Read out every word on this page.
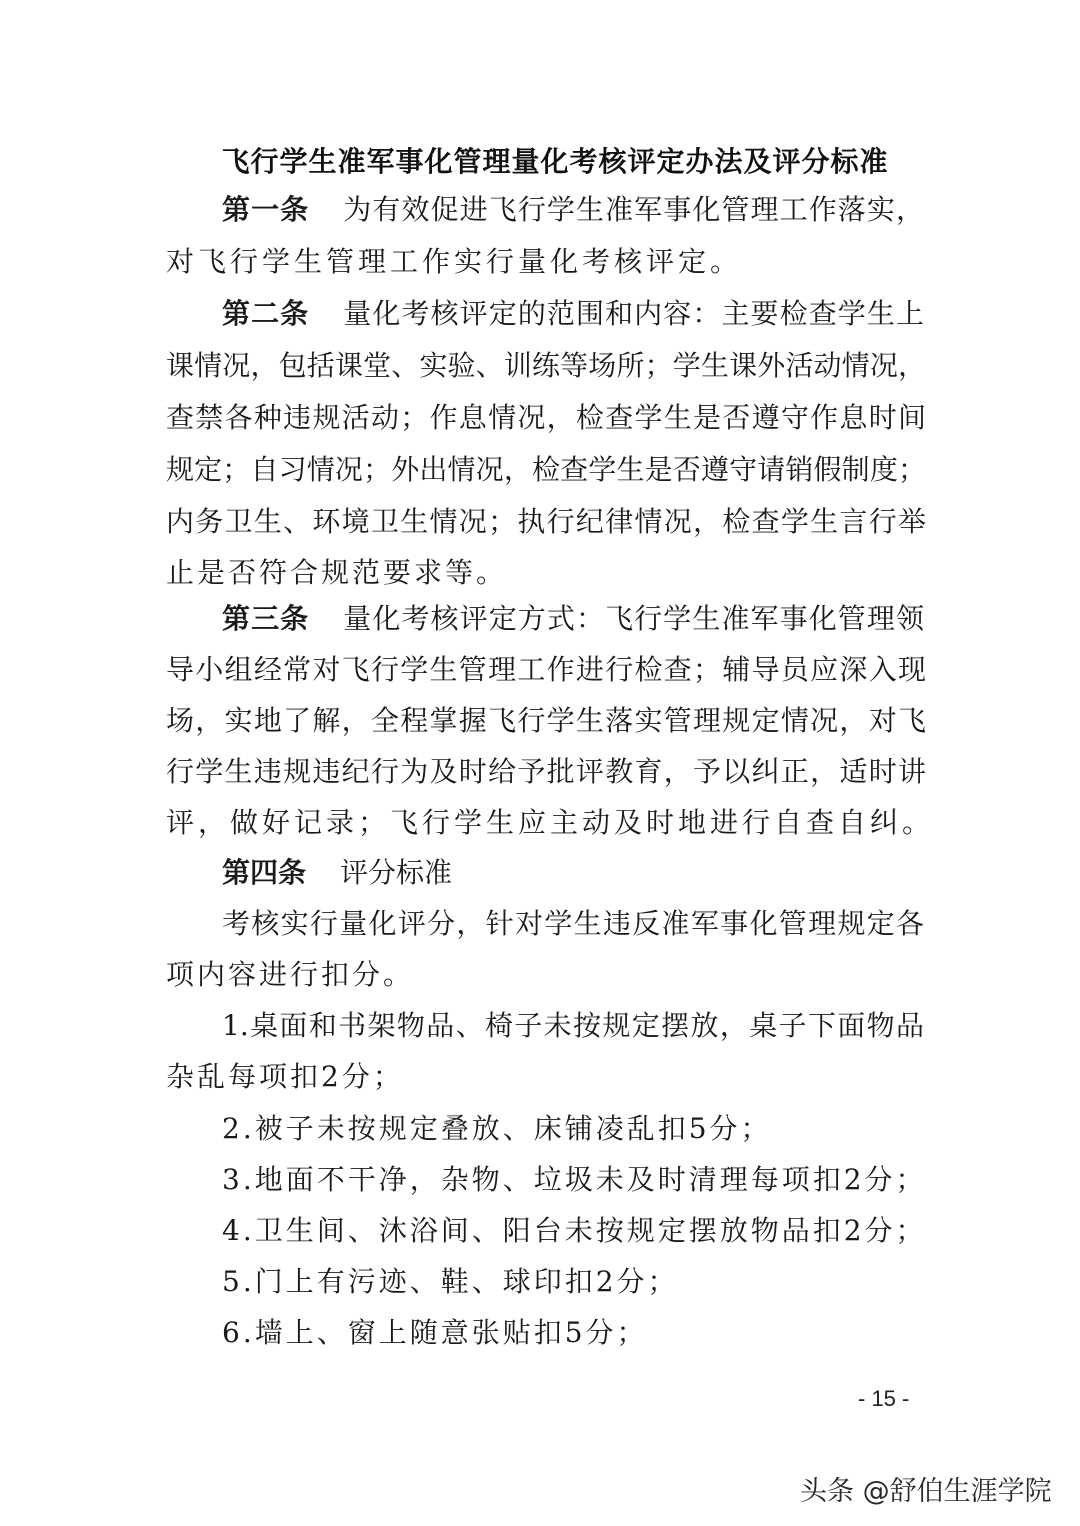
飞行学生准军事化管理量化考核评定办法及评分标准
第一条 为有效促进飞行学生准军事化管理工作落实，
对飞行学生管理工作实行量化考核评定。
第二条 量化考核评定的范围和内容：主要检查学生上
课情况，包括课堂、实验、训练等场所；学生课外活动情况，
查禁各种违规活动；作息情况，检查学生是否遵守作息时间
规定；自习情况；外出情况，检查学生是否遵守请销假制度；
内务卫生、环境卫生情况；执行纪律情况，检查学生言行举
止是否符合规范要求等。
第三条 量化考核评定方式：飞行学生准军事化管理领
导小组经常对飞行学生管理工作进行检查；辅导员应深入现
场，实地了解，全程掌握飞行学生落实管理规定情况，对飞
行学生违规违纪行为及时给予批评教育，予以纠正，适时讲
评，做好记录；飞行学生应主动及时地进行自查自纠。
第四条 评分标准
考核实行量化评分，针对学生违反准军事化管理规定各
项内容进行扣分。
1.桌面和书架物品、椅子未按规定摆放，桌子下面物品
杂乱每项扣2分；
2.被子未按规定叠放、床铺凌乱扣5分；
3.地面不干净，杂物、垃圾未及时清理每项扣2分；
4.卫生间、沐浴间、阳台未按规定摆放物品扣2分；
5.门上有污迹、鞋、球印扣2分；
6.墙上、窗上随意张贴扣5分；
- 15 -
头条 @舒伯生涯学院
